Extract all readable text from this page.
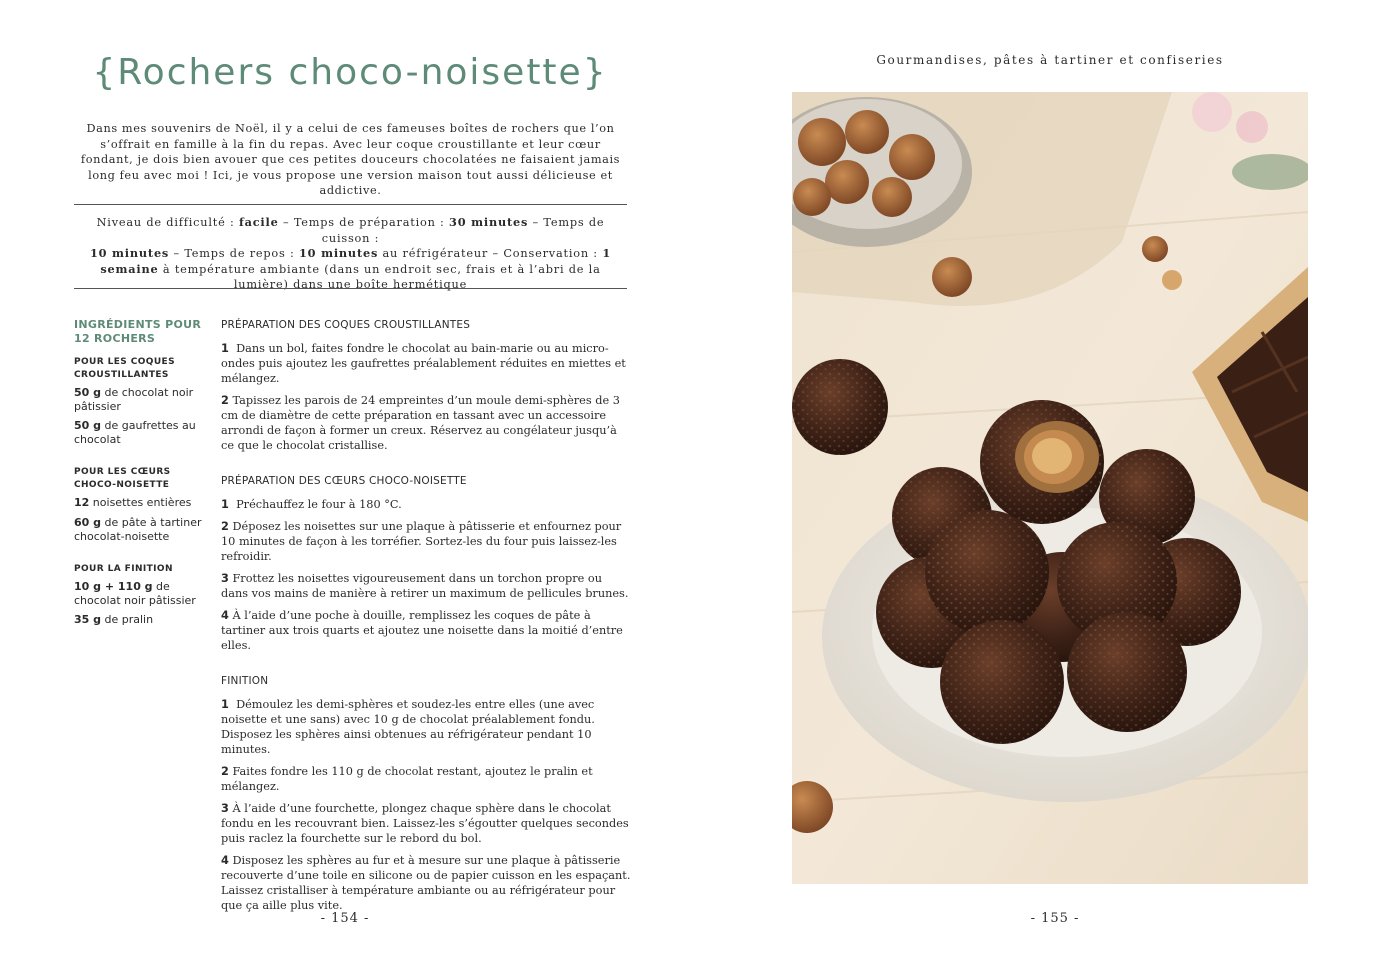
{Rochers choco-noisette}
Dans mes souvenirs de Noël, il y a celui de ces fameuses boîtes de rochers que l’on s’offrait en famille à la fin du repas. Avec leur coque croustillante et leur cœur fondant, je dois bien avouer que ces petites douceurs chocolatées ne faisaient jamais long feu avec moi ! Ici, je vous propose une version maison tout aussi délicieuse et addictive.
Niveau de difficulté : facile – Temps de préparation : 30 minutes – Temps de cuisson :
10 minutes – Temps de repos : 10 minutes au réfrigérateur – Conservation : 1 semaine à température ambiante (dans un endroit sec, frais et à l’abri de la lumière) dans une boîte hermétique
INGRÉDIENTS POUR 12 ROCHERS
POUR LES COQUES CROUSTILLANTES
50 g de chocolat noir pâtissier
50 g de gaufrettes au chocolat
POUR LES CŒURS CHOCO-NOISETTE
12 noisettes entières
60 g de pâte à tartiner chocolat-noisette
POUR LA FINITION
10 g + 110 g de chocolat noir pâtissier
35 g de pralin
PRÉPARATION DES COQUES CROUSTILLANTES
1 Dans un bol, faites fondre le chocolat au bain-marie ou au micro-ondes puis ajoutez les gaufrettes préalablement réduites en miettes et mélangez.
2 Tapissez les parois de 24 empreintes d’un moule demi-sphères de 3 cm de diamètre de cette préparation en tassant avec un accessoire arrondi de façon à former un creux. Réservez au congélateur jusqu’à ce que le chocolat cristallise.
PRÉPARATION DES CŒURS CHOCO-NOISETTE
1 Préchauffez le four à 180 °C.
2 Déposez les noisettes sur une plaque à pâtisserie et enfournez pour 10 minutes de façon à les torréfier. Sortez-les du four puis laissez-les refroidir.
3 Frottez les noisettes vigoureusement dans un torchon propre ou dans vos mains de manière à retirer un maximum de pellicules brunes.
4 À l’aide d’une poche à douille, remplissez les coques de pâte à tartiner aux trois quarts et ajoutez une noisette dans la moitié d’entre elles.
FINITION
1 Démoulez les demi-sphères et soudez-les entre elles (une avec noisette et une sans) avec 10 g de chocolat préalablement fondu. Disposez les sphères ainsi obtenues au réfrigérateur pendant 10 minutes.
2 Faites fondre les 110 g de chocolat restant, ajoutez le pralin et mélangez.
3 À l’aide d’une fourchette, plongez chaque sphère dans le chocolat fondu en les recouvrant bien. Laissez-les s’égoutter quelques secondes puis raclez la fourchette sur le rebord du bol.
4 Disposez les sphères au fur et à mesure sur une plaque à pâtisserie recouverte d’une toile en silicone ou de papier cuisson en les espaçant. Laissez cristalliser à température ambiante ou au réfrigérateur pour que ça aille plus vite.
- 154 -
Gourmandises, pâtes à tartiner et confiseries
- 155 -
